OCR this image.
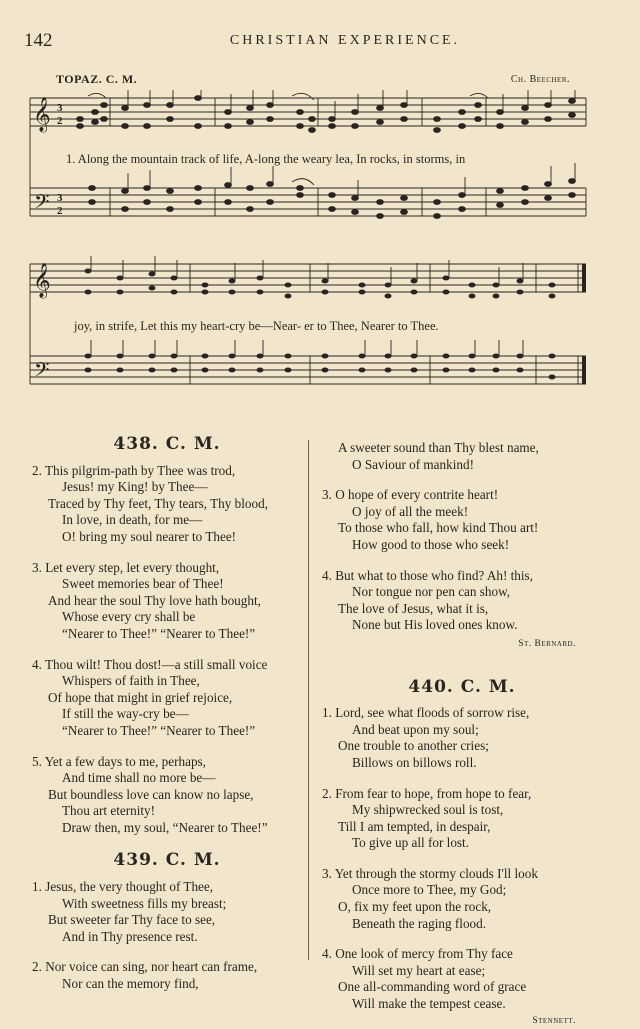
142	CHRISTIAN EXPERIENCE.
TOPAZ. C. M.	Ch. Beecher.
𝄞
𝄢
3
2
3
2
1. Along the mountain track of life, A-long the weary lea, In rocks, in storms, in
𝄞
𝄢
joy, in strife, Let this my heart-cry be—Near- er to Thee, Nearer to Thee.
438. C. M.
2. This pilgrim-path by Thee was trod,
Jesus! my King! by Thee—
Traced by Thy feet, Thy tears, Thy blood,
In love, in death, for me—
O! bring my soul nearer to Thee!
3. Let every step, let every thought,
Sweet memories bear of Thee!
And hear the soul Thy love hath bought,
Whose every cry shall be
“Nearer to Thee!” “Nearer to Thee!”
4. Thou wilt! Thou dost!—a still small voice
Whispers of faith in Thee,
Of hope that might in grief rejoice,
If still the way-cry be—
“Nearer to Thee!” “Nearer to Thee!”
5. Yet a few days to me, perhaps,
And time shall no more be—
But boundless love can know no lapse,
Thou art eternity!
Draw then, my soul, “Nearer to Thee!”
439. C. M.
1. Jesus, the very thought of Thee,
With sweetness fills my breast;
But sweeter far Thy face to see,
And in Thy presence rest.
2. Nor voice can sing, nor heart can frame,
Nor can the memory find,
A sweeter sound than Thy blest name,
O Saviour of mankind!
3. O hope of every contrite heart!
O joy of all the meek!
To those who fall, how kind Thou art!
How good to those who seek!
4. But what to those who find? Ah! this,
Nor tongue nor pen can show,
The love of Jesus, what it is,
None but His loved ones know.
St. Bernard.
440. C. M.
1. Lord, see what floods of sorrow rise,
And beat upon my soul;
One trouble to another cries;
Billows on billows roll.
2. From fear to hope, from hope to fear,
My shipwrecked soul is tost,
Till I am tempted, in despair,
To give up all for lost.
3. Yet through the stormy clouds I'll look
Once more to Thee, my God;
O, fix my feet upon the rock,
Beneath the raging flood.
4. One look of mercy from Thy face
Will set my heart at ease;
One all-commanding word of grace
Will make the tempest cease.
Stennett.
